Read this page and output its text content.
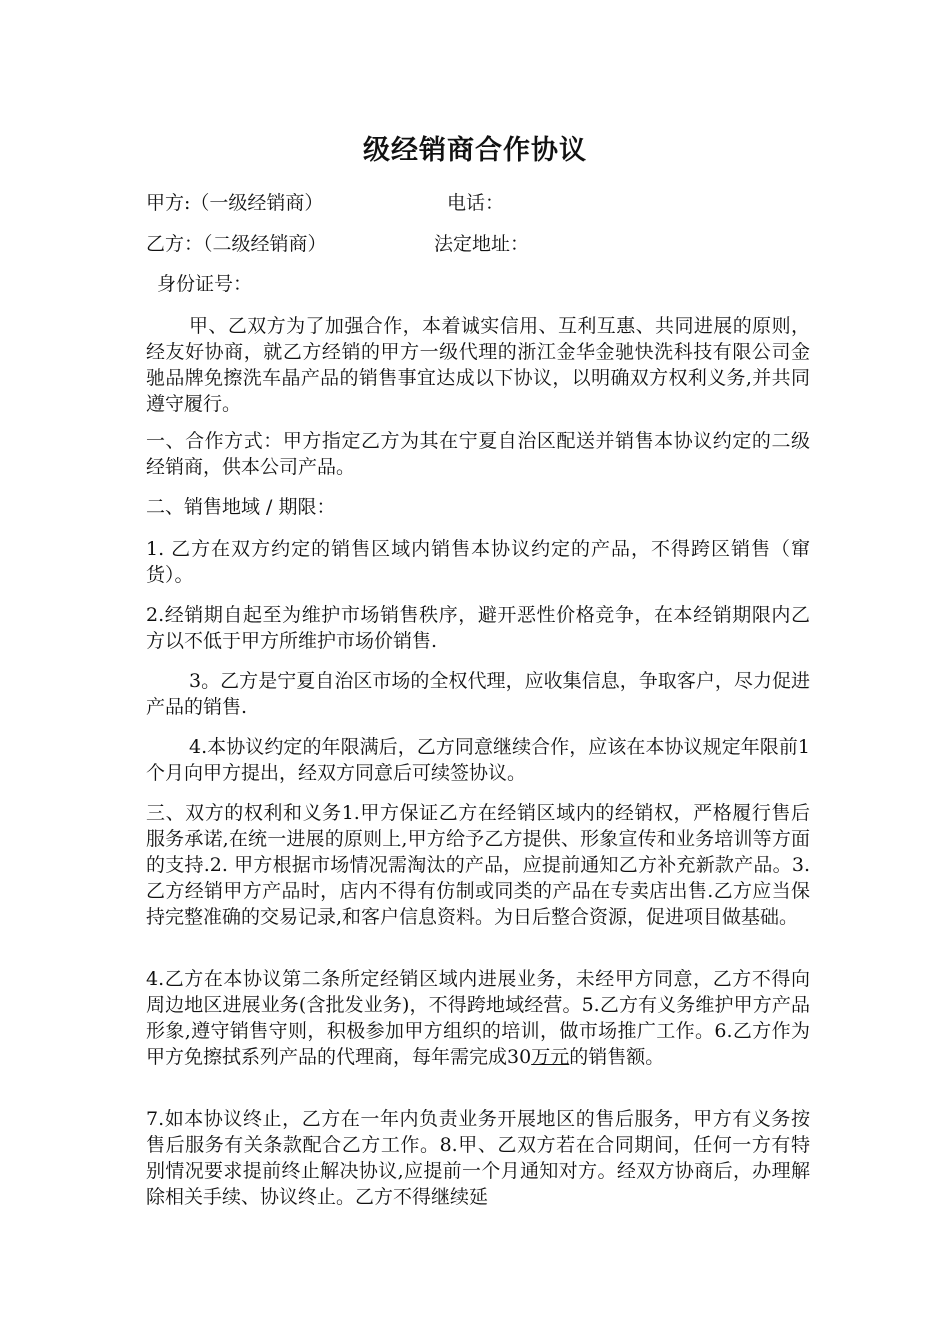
级经销商合作协议
甲方:（一级经销商）	电话：
乙方：（二级经销商）	法定地址：
身份证号：

甲、乙双方为了加强合作，本着诚实信用、互利互惠、共同进展的原则，经友好协商，就乙方经销的甲方一级代理的浙江金华金驰快洗科技有限公司金驰品牌免擦洗车晶产品的销售事宜达成以下协议，以明确双方权利义务,并共同遵守履行。

一、合作方式：甲方指定乙方为其在宁夏自治区配送并销售本协议约定的二级经销商，供本公司产品。

二、销售地域 / 期限：

1. 乙方在双方约定的销售区域内销售本协议约定的产品，不得跨区销售（窜货）。

2.经销期自起至为维护市场销售秩序，避开恶性价格竞争，在本经销期限内乙方以不低于甲方所维护市场价销售.

3。乙方是宁夏自治区市场的全权代理，应收集信息，争取客户，尽力促进产品的销售.

4.本协议约定的年限满后，乙方同意继续合作，应该在本协议规定年限前1个月向甲方提出，经双方同意后可续签协议。

三、双方的权利和义务1.甲方保证乙方在经销区域内的经销权，严格履行售后服务承诺,在统一进展的原则上,甲方给予乙方提供、形象宣传和业务培训等方面的支持.2. 甲方根据市场情况需淘汰的产品，应提前通知乙方补充新款产品。3.乙方经销甲方产品时，店内不得有仿制或同类的产品在专卖店出售.乙方应当保持完整准确的交易记录,和客户信息资料。为日后整合资源，促进项目做基础。

4.乙方在本协议第二条所定经销区域内进展业务，未经甲方同意，乙方不得向周边地区进展业务(含批发业务)，不得跨地域经营。5.乙方有义务维护甲方产品形象,遵守销售守则，积极参加甲方组织的培训，做市场推广工作。6.乙方作为甲方免擦拭系列产品的代理商，每年需完成30万元的销售额。

7.如本协议终止，乙方在一年内负责业务开展地区的售后服务，甲方有义务按售后服务有关条款配合乙方工作。8.甲、乙双方若在合同期间，任何一方有特别情况要求提前终止解决协议,应提前一个月通知对方。经双方协商后，办理解除相关手续、协议终止。乙方不得继续延
